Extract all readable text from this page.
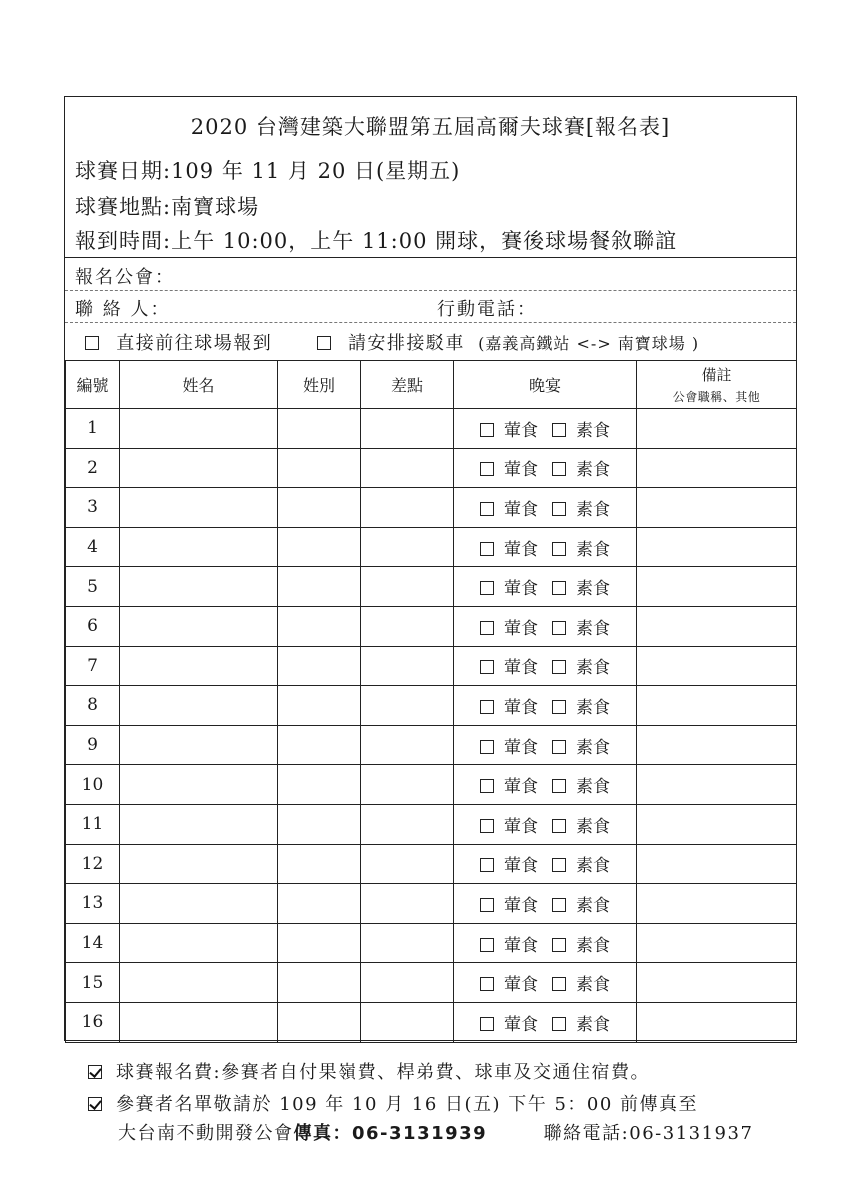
2020 台灣建築大聯盟第五屆高爾夫球賽[報名表]
球賽日期:109 年 11 月 20 日(星期五)
球賽地點:南寶球場
報到時間:上午 10:00，上午 11:00 開球，賽後球場餐敘聯誼
報名公會：
聯 絡 人：	行動電話：
直接前往球場報到	請安排接駁車 (嘉義高鐵站 <-> 南寶球場 )
編號	姓名	姓別	差點	晚宴	備註
公會職稱、其他

1				葷食 素食	
2				葷食 素食	
3				葷食 素食	
4				葷食 素食	
5				葷食 素食	
6				葷食 素食	
7				葷食 素食	
8				葷食 素食	
9				葷食 素食	
10				葷食 素食	
11				葷食 素食	
12				葷食 素食	
13				葷食 素食	
14				葷食 素食	
15				葷食 素食	
16				葷食 素食	
球賽報名費:參賽者自付果嶺費、桿弟費、球車及交通住宿費。
參賽者名單敬請於 109 年 10 月 16 日(五) 下午 5：00 前傳真至
大台南不動開發公會傳真：06-3131939	聯絡電話:06-3131937
